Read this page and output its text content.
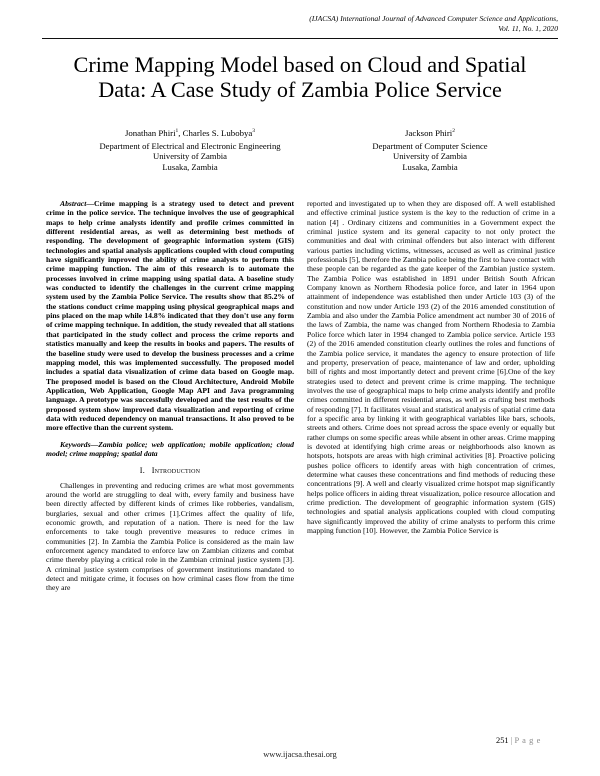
(IJACSA) International Journal of Advanced Computer Science and Applications,
Vol. 11, No. 1, 2020
Crime Mapping Model based on Cloud and Spatial
Data: A Case Study of Zambia Police Service
Jonathan Phiri$^1$, Charles S. Lubobya$^3$
Department of Electrical and Electronic Engineering
University of Zambia
Lusaka, Zambia
Jackson Phiri$^2$
Department of Computer Science
University of Zambia
Lusaka, Zambia

Abstract—Crime mapping is a strategy used to detect and prevent crime in the police service. The technique involves the use of geographical maps to help crime analysts identify and profile crimes committed in different residential areas, as well as determining best methods of responding. The development of geographic information system (GIS) technologies and spatial analysis applications coupled with cloud computing have significantly improved the ability of crime analysts to perform this crime mapping function. The aim of this research is to automate the processes involved in crime mapping using spatial data. A baseline study was conducted to identify the challenges in the current crime mapping system used by the Zambia Police Service. The results show that 85.2% of the stations conduct crime mapping using physical geographical maps and pins placed on the map while 14.8% indicated that they don't use any form of crime mapping technique. In addition, the study revealed that all stations that participated in the study collect and process the crime reports and statistics manually and keep the results in books and papers. The results of the baseline study were used to develop the business processes and a crime mapping model, this was implemented successfully. The proposed model includes a spatial data visualization of crime data based on Google map. The proposed model is based on the Cloud Architecture, Android Mobile Application, Web Application, Google Map API and Java programming language. A prototype was successfully developed and the test results of the proposed system show improved data visualization and reporting of crime data with reduced dependency on manual transactions. It also proved to be more effective than the current system.

Keywords—Zambia police; web application; mobile application; cloud model; crime mapping; spatial data

I. Introduction

Challenges in preventing and reducing crimes are what most governments around the world are struggling to deal with, every family and business have been directly affected by different kinds of crimes like robberies, vandalism, burglaries, sexual and other crimes [1].Crimes affect the quality of life, economic growth, and reputation of a nation. There is need for the law enforcements to take tough preventive measures to reduce crimes in communities [2]. In Zambia the Zambia Police is considered as the main law enforcement agency mandated to enforce law on Zambian citizens and combat crime thereby playing a critical role in the Zambian criminal justice system [3]. A criminal justice system comprises of government institutions mandated to detect and mitigate crime, it focuses on how criminal cases flow from the time they are

reported and investigated up to when they are disposed off. A well established and effective criminal justice system is the key to the reduction of crime in a nation [4] . Ordinary citizens and communities in a Government expect the criminal justice system and its general capacity to not only protect the communities and deal with criminal offenders but also interact with different various parties including victims, witnesses, accused as well as criminal justice professionals [5], therefore the Zambia police being the first to have contact with these people can be regarded as the gate keeper of the Zambian justice system. The Zambia Police was established in 1891 under British South African Company known as Northern Rhodesia police force, and later in 1964 upon attainment of independence was established then under Article 103 (3) of the constitution and now under Article 193 (2) of the 2016 amended constitution of Zambia and also under the Zambia Police amendment act number 30 of 2016 of the laws of Zambia, the name was changed from Northern Rhodesia to Zambia Police force which later in 1994 changed to Zambia police service. Article 193 (2) of the 2016 amended constitution clearly outlines the roles and functions of the Zambia police service, it mandates the agency to ensure protection of life and property, preservation of peace, maintenance of law and order, upholding bill of rights and most importantly detect and prevent crime [6].One of the key strategies used to detect and prevent crime is crime mapping. The technique involves the use of geographical maps to help crime analysts identify and profile crimes committed in different residential areas, as well as crafting best methods of responding [7]. It facilitates visual and statistical analysis of spatial crime data for a specific area by linking it with geographical variables like bars, schools, streets and others. Crime does not spread across the space evenly or equally but rather clumps on some specific areas while absent in other areas. Crime mapping is devoted at identifying high crime areas or neighborhoods also known as hotspots, hotspots are areas with high criminal activities [8]. Proactive policing pushes police officers to identify areas with high concentration of crimes, determine what causes these concentrations and find methods of reducing these concentrations [9]. A well and clearly visualized crime hotspot map significantly helps police officers in aiding threat visualization, police resource allocation and crime prediction. The development of geographic information system (GIS) technologies and spatial analysis applications coupled with cloud computing have significantly improved the ability of crime analysts to perform this crime mapping function [10]. However, the Zambia Police Service is

251 | P a g e
www.ijacsa.thesai.org
